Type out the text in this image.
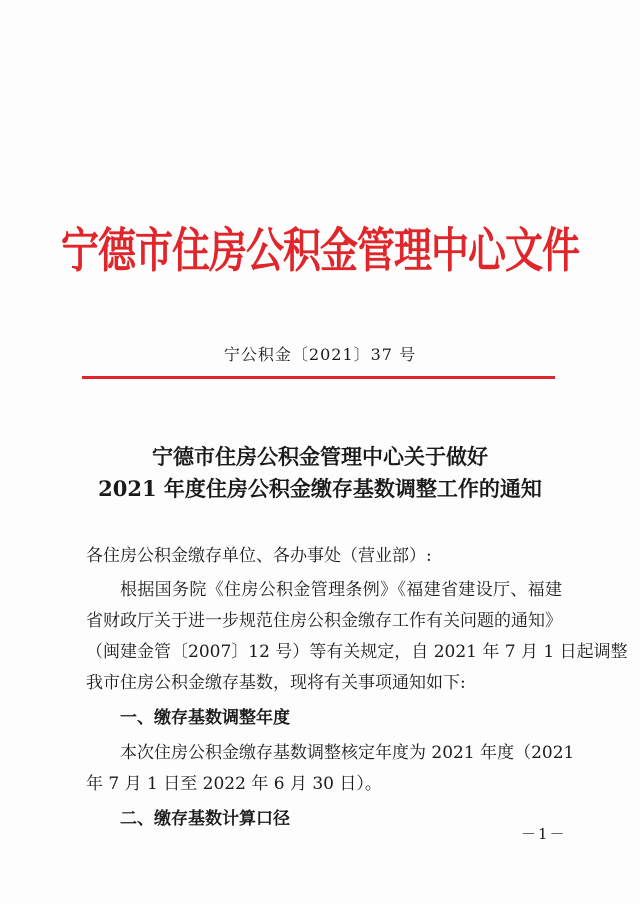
宁德市住房公积金管理中心文件
宁公积金〔2021〕37 号
宁德市住房公积金管理中心关于做好
2021 年度住房公积金缴存基数调整工作的通知
各住房公积金缴存单位、各办事处（营业部）:
根据国务院《住房公积金管理条例》《福建省建设厅、福建
省财政厅关于进一步规范住房公积金缴存工作有关问题的通知》
（闽建金管〔2007〕12 号）等有关规定，自 2021 年 7 月 1 日起调整
我市住房公积金缴存基数，现将有关事项通知如下:
一、缴存基数调整年度
本次住房公积金缴存基数调整核定年度为 2021 年度（2021
年 7 月 1 日至 2022 年 6 月 30 日）。
二、缴存基数计算口径
－1－
